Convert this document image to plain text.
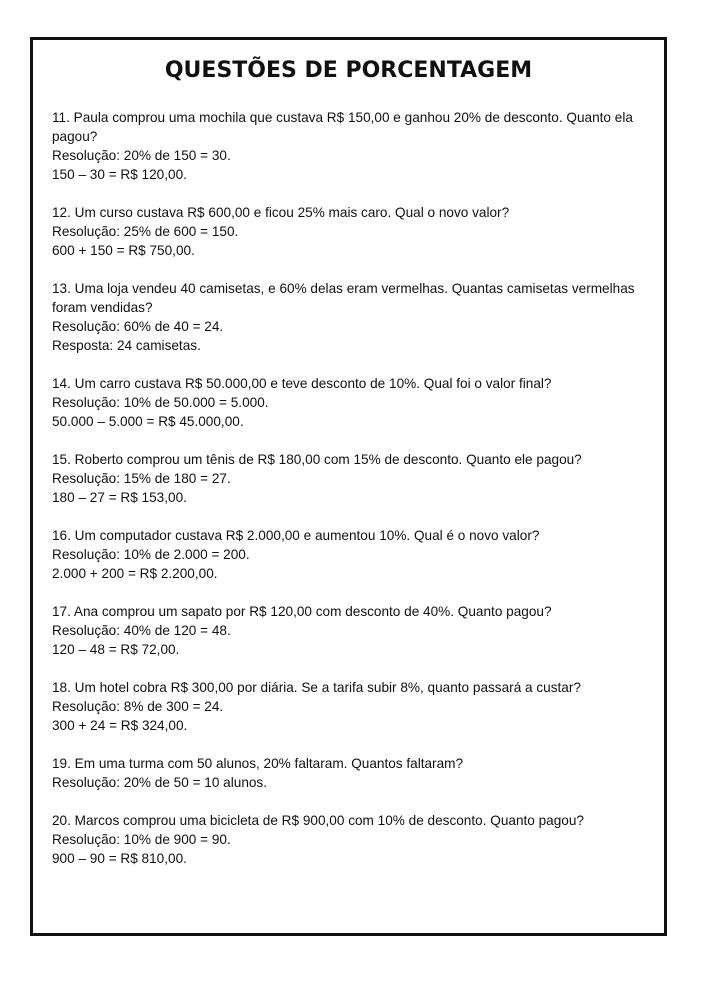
QUESTÕES DE PORCENTAGEM

11. Paula comprou uma mochila que custava R$ 150,00 e ganhou 20% de desconto. Quanto ela pagou?

Resolução: 20% de 150 = 30.

150 – 30 = R$ 120,00.

12. Um curso custava R$ 600,00 e ficou 25% mais caro. Qual o novo valor?

Resolução: 25% de 600 = 150.

600 + 150 = R$ 750,00.

13. Uma loja vendeu 40 camisetas, e 60% delas eram vermelhas. Quantas camisetas vermelhas foram vendidas?

Resolução: 60% de 40 = 24.

Resposta: 24 camisetas.

14. Um carro custava R$ 50.000,00 e teve desconto de 10%. Qual foi o valor final?

Resolução: 10% de 50.000 = 5.000.

50.000 – 5.000 = R$ 45.000,00.

15. Roberto comprou um tênis de R$ 180,00 com 15% de desconto. Quanto ele pagou?

Resolução: 15% de 180 = 27.

180 – 27 = R$ 153,00.

16. Um computador custava R$ 2.000,00 e aumentou 10%. Qual é o novo valor?

Resolução: 10% de 2.000 = 200.

2.000 + 200 = R$ 2.200,00.

17. Ana comprou um sapato por R$ 120,00 com desconto de 40%. Quanto pagou?

Resolução: 40% de 120 = 48.

120 – 48 = R$ 72,00.

18. Um hotel cobra R$ 300,00 por diária. Se a tarifa subir 8%, quanto passará a custar?

Resolução: 8% de 300 = 24.

300 + 24 = R$ 324,00.

19. Em uma turma com 50 alunos, 20% faltaram. Quantos faltaram?

Resolução: 20% de 50 = 10 alunos.

20. Marcos comprou uma bicicleta de R$ 900,00 com 10% de desconto. Quanto pagou?

Resolução: 10% de 900 = 90.

900 – 90 = R$ 810,00.
